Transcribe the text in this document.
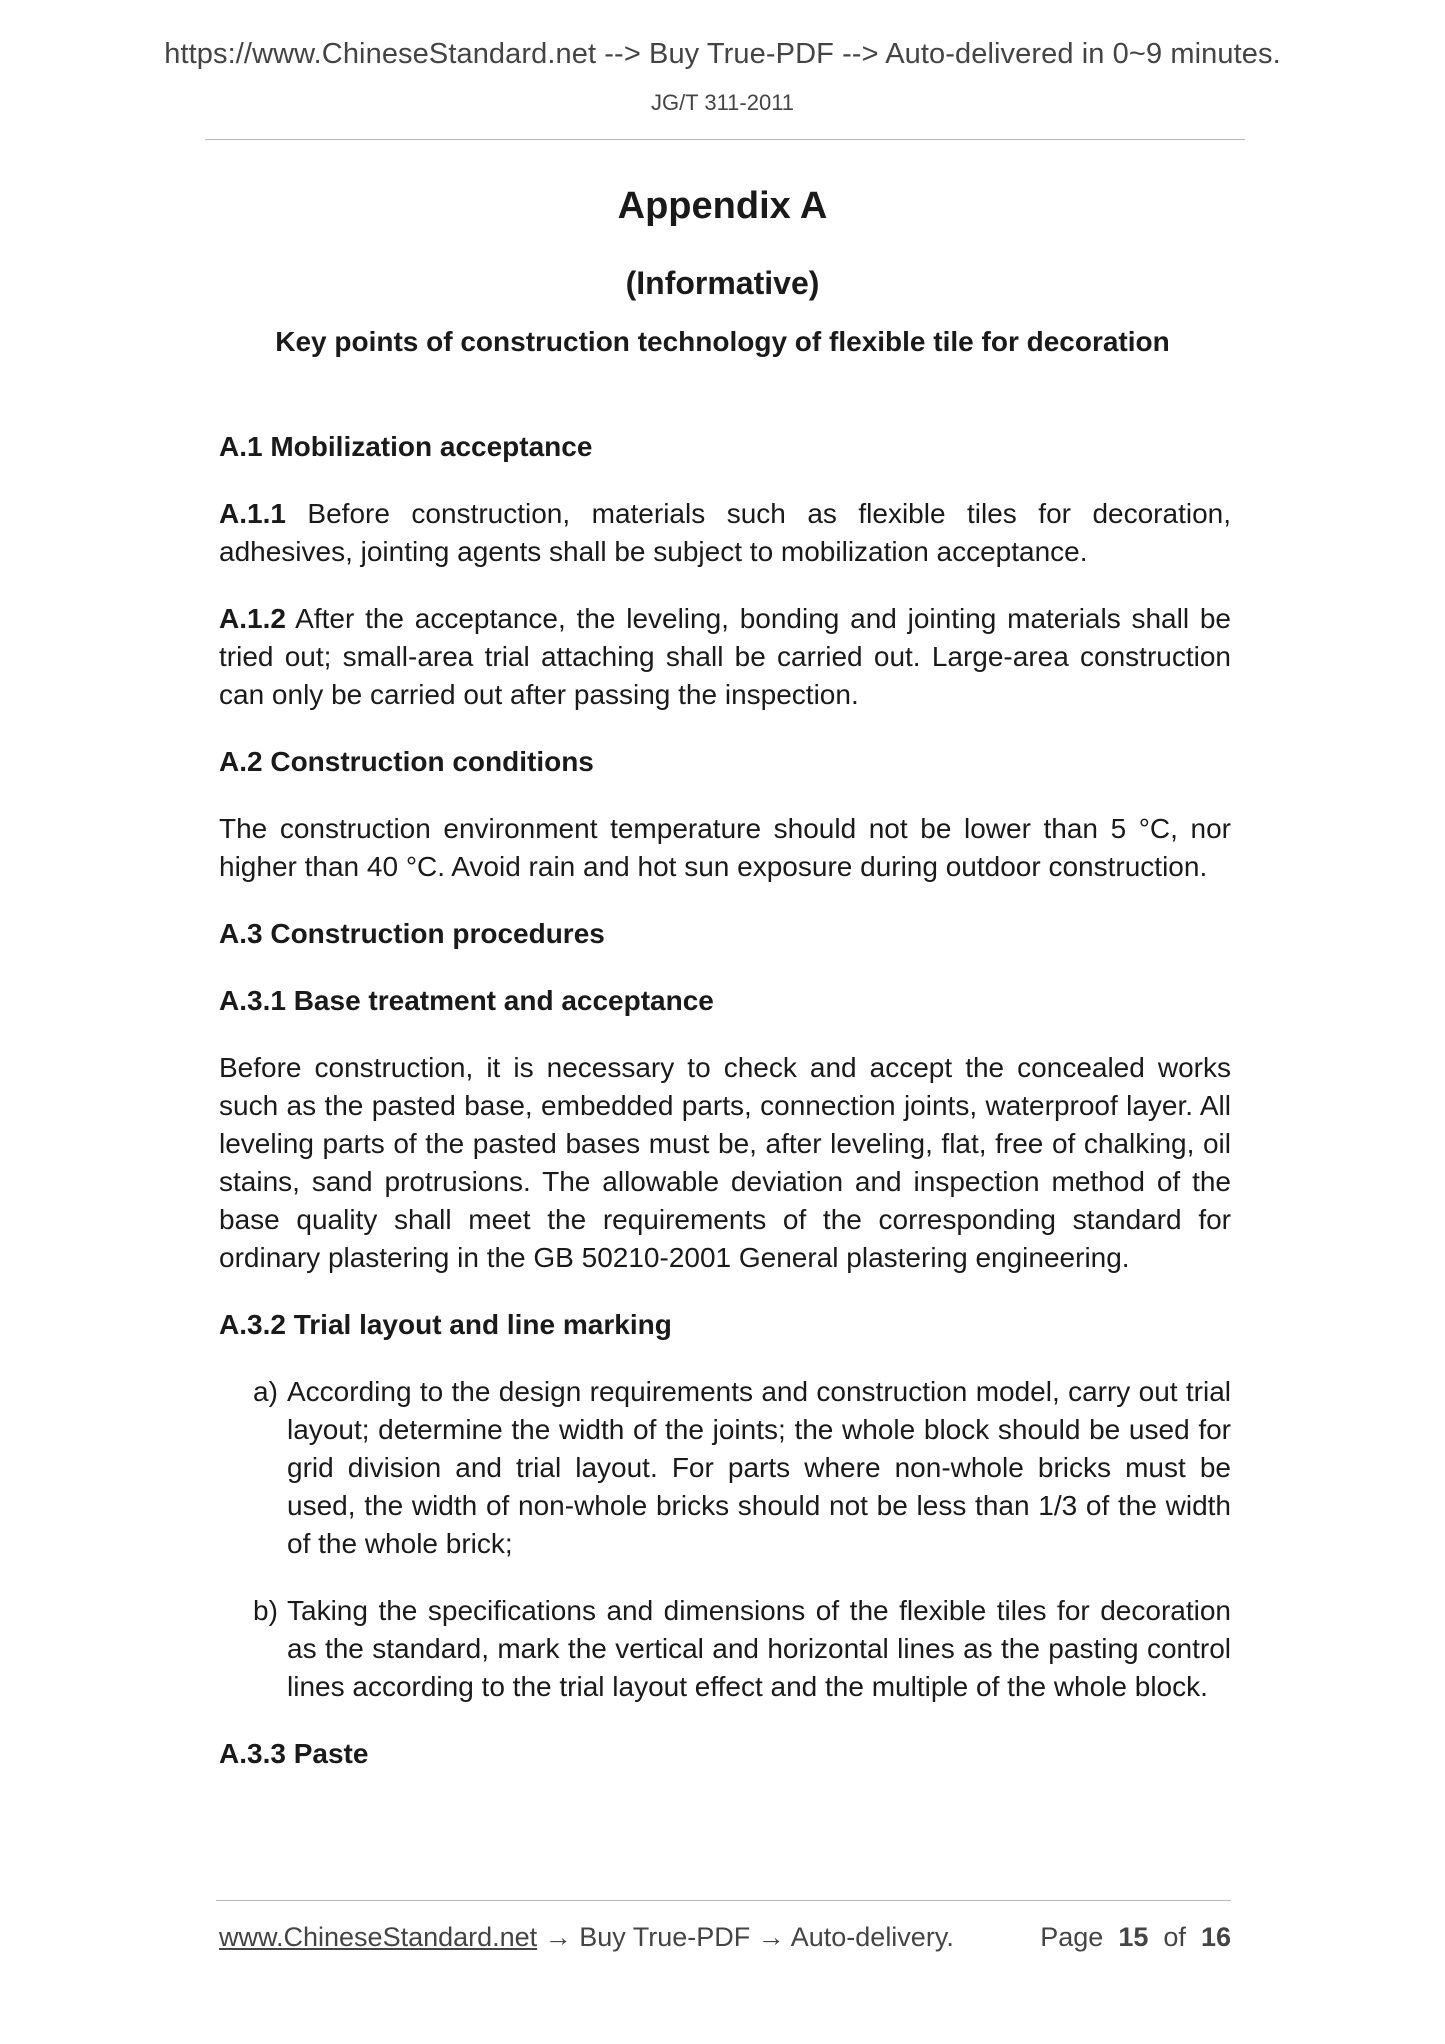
https://www.ChineseStandard.net --> Buy True-PDF --> Auto-delivered in 0~9 minutes.
JG/T 311-2011
Appendix A
(Informative)
Key points of construction technology of flexible tile for decoration
A.1 Mobilization acceptance

A.1.1 Before construction, materials such as flexible tiles for decoration, adhesives, jointing agents shall be subject to mobilization acceptance.

A.1.2 After the acceptance, the leveling, bonding and jointing materials shall be tried out; small-area trial attaching shall be carried out. Large-area construction can only be carried out after passing the inspection.

A.2 Construction conditions

The construction environment temperature should not be lower than 5 °C, nor higher than 40 °C. Avoid rain and hot sun exposure during outdoor construction.

A.3 Construction procedures
A.3.1 Base treatment and acceptance

Before construction, it is necessary to check and accept the concealed works such as the pasted base, embedded parts, connection joints, waterproof layer. All leveling parts of the pasted bases must be, after leveling, flat, free of chalking, oil stains, sand protrusions. The allowable deviation and inspection method of the base quality shall meet the requirements of the corresponding standard for ordinary plastering in the GB 50210-2001 General plastering engineering.

A.3.2 Trial layout and line marking
a) According to the design requirements and construction model, carry out trial layout; determine the width of the joints; the whole block should be used for grid division and trial layout. For parts where non-whole bricks must be used, the width of non-whole bricks should not be less than 1/3 of the width of the whole brick;
b) Taking the specifications and dimensions of the flexible tiles for decoration as the standard, mark the vertical and horizontal lines as the pasting control lines according to the trial layout effect and the multiple of the whole block.
A.3.3 Paste
www.ChineseStandard.net → Buy True-PDF → Auto-delivery.	Page 15 of 16
